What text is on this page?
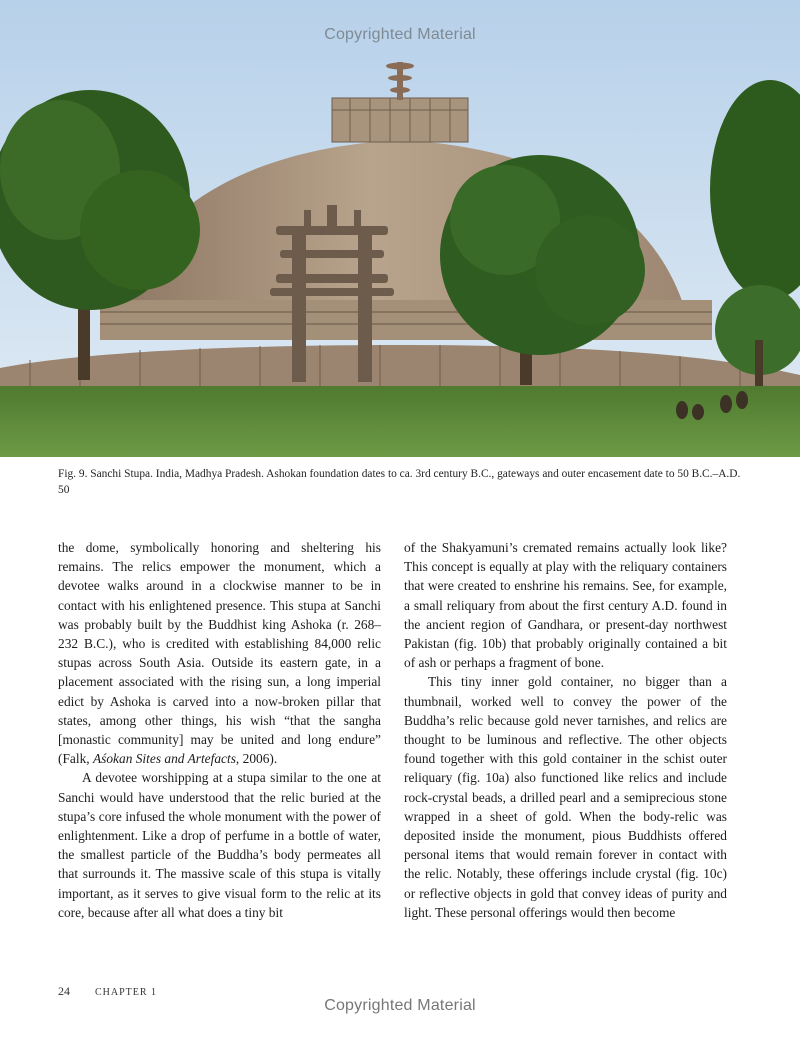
Copyrighted Material
Fig. 9. Sanchi Stupa. India, Madhya Pradesh. Ashokan foundation dates to ca. 3rd century B.C., gateways and outer encasement date to 50 B.C.–A.D. 50

the dome, symbolically honoring and sheltering his remains. The relics empower the monument, which a devotee walks around in a clockwise manner to be in contact with his enlightened presence. This stupa at Sanchi was probably built by the Buddhist king Ashoka (r. 268–232 B.C.), who is credited with establishing 84,000 relic stupas across South Asia. Outside its eastern gate, in a placement associated with the rising sun, a long imperial edict by Ashoka is carved into a now-broken pillar that states, among other things, his wish “that the sangha [monastic community] may be united and long endure” (Falk, Aśokan Sites and Artefacts, 2006).

A devotee worshipping at a stupa similar to the one at Sanchi would have understood that the relic buried at the stupa’s core infused the whole monument with the power of enlightenment. Like a drop of perfume in a bottle of water, the smallest particle of the Buddha’s body permeates all that surrounds it. The massive scale of this stupa is vitally important, as it serves to give visual form to the relic at its core, because after all what does a tiny bit

of the Shakyamuni’s cremated remains actually look like? This concept is equally at play with the reliquary containers that were created to enshrine his remains. See, for example, a small reliquary from about the first century A.D. found in the ancient region of Gandhara, or present-day northwest Pakistan (fig. 10b) that probably originally contained a bit of ash or perhaps a fragment of bone.

This tiny inner gold container, no bigger than a thumbnail, worked well to convey the power of the Buddha’s relic because gold never tarnishes, and relics are thought to be luminous and reflective. The other objects found together with this gold container in the schist outer reliquary (fig. 10a) also functioned like relics and include rock-crystal beads, a drilled pearl and a semiprecious stone wrapped in a sheet of gold. When the body-relic was deposited inside the monument, pious Buddhists offered personal items that would remain forever in contact with the relic. Notably, these offerings include crystal (fig. 10c) or reflective objects in gold that convey ideas of purity and light. These personal offerings would then become

24	CHAPTER 1
Copyrighted Material
